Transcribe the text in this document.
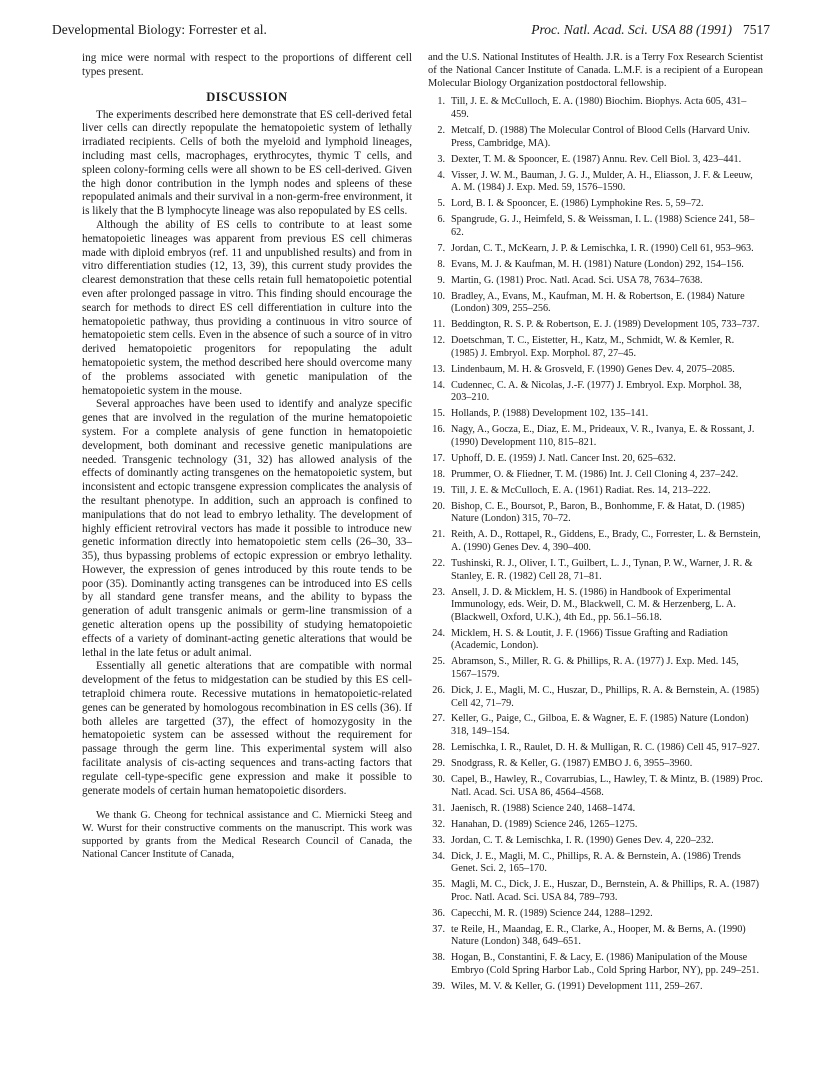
Developmental Biology: Forrester et al.	Proc. Natl. Acad. Sci. USA 88 (1991) 7517

ing mice were normal with respect to the proportions of different cell types present.

DISCUSSION

The experiments described here demonstrate that ES cell-derived fetal liver cells can directly repopulate the hematopoietic system of lethally irradiated recipients. Cells of both the myeloid and lymphoid lineages, including mast cells, macrophages, erythrocytes, thymic T cells, and spleen colony-forming cells were all shown to be ES cell-derived. Given the high donor contribution in the lymph nodes and spleens of these repopulated animals and their survival in a non-germ-free environment, it is likely that the B lymphocyte lineage was also repopulated by ES cells.

Although the ability of ES cells to contribute to at least some hematopoietic lineages was apparent from previous ES cell chimeras made with diploid embryos (ref. 11 and unpublished results) and from in vitro differentiation studies (12, 13, 39), this current study provides the clearest demonstration that these cells retain full hematopoietic potential even after prolonged passage in vitro. This finding should encourage the search for methods to direct ES cell differentiation in culture into the hematopoietic pathway, thus providing a continuous in vitro source of hematopoietic stem cells. Even in the absence of such a source of in vitro derived hematopoietic progenitors for repopulating the adult hematopoietic system, the method described here should overcome many of the problems associated with genetic manipulation of the hematopoietic system in the mouse.

Several approaches have been used to identify and analyze specific genes that are involved in the regulation of the murine hematopoietic system. For a complete analysis of gene function in hematopoietic development, both dominant and recessive genetic manipulations are needed. Transgenic technology (31, 32) has allowed analysis of the effects of dominantly acting transgenes on the hematopoietic system, but inconsistent and ectopic transgene expression complicates the analysis of the resultant phenotype. In addition, such an approach is confined to manipulations that do not lead to embryo lethality. The development of highly efficient retroviral vectors has made it possible to introduce new genetic information directly into hematopoietic stem cells (26–30, 33–35), thus bypassing problems of ectopic expression or embryo lethality. However, the expression of genes introduced by this route tends to be poor (35). Dominantly acting transgenes can be introduced into ES cells by all standard gene transfer means, and the ability to bypass the generation of adult transgenic animals or germ-line transmission of a genetic alteration opens up the possibility of studying hematopoietic effects of a variety of dominant-acting genetic alterations that would be lethal in the late fetus or adult animal.

Essentially all genetic alterations that are compatible with normal development of the fetus to midgestation can be studied by this ES cell-tetraploid chimera route. Recessive mutations in hematopoietic-related genes can be generated by homologous recombination in ES cells (36). If both alleles are targetted (37), the effect of homozygosity in the hematopoietic system can be assessed without the requirement for passage through the germ line. This experimental system will also facilitate analysis of cis-acting sequences and trans-acting factors that regulate cell-type-specific gene expression and make it possible to generate models of certain human hematopoietic disorders.

We thank G. Cheong for technical assistance and C. Miernicki Steeg and W. Wurst for their constructive comments on the manuscript. This work was supported by grants from the Medical Research Council of Canada, the National Cancer Institute of Canada,

and the U.S. National Institutes of Health. J.R. is a Terry Fox Research Scientist of the National Cancer Institute of Canada. L.M.F. is a recipient of a European Molecular Biology Organization postdoctoral fellowship.

1. Till, J. E. & McCulloch, E. A. (1980) Biochim. Biophys. Acta 605, 431–459.
2. Metcalf, D. (1988) The Molecular Control of Blood Cells (Harvard Univ. Press, Cambridge, MA).
3. Dexter, T. M. & Spooncer, E. (1987) Annu. Rev. Cell Biol. 3, 423–441.
4. Visser, J. W. M., Bauman, J. G. J., Mulder, A. H., Eliasson, J. F. & Leeuw, A. M. (1984) J. Exp. Med. 59, 1576–1590.
5. Lord, B. I. & Spooncer, E. (1986) Lymphokine Res. 5, 59–72.
6. Spangrude, G. J., Heimfeld, S. & Weissman, I. L. (1988) Science 241, 58–62.
7. Jordan, C. T., McKearn, J. P. & Lemischka, I. R. (1990) Cell 61, 953–963.
8. Evans, M. J. & Kaufman, M. H. (1981) Nature (London) 292, 154–156.
9. Martin, G. (1981) Proc. Natl. Acad. Sci. USA 78, 7634–7638.
10. Bradley, A., Evans, M., Kaufman, M. H. & Robertson, E. (1984) Nature (London) 309, 255–256.
11. Beddington, R. S. P. & Robertson, E. J. (1989) Development 105, 733–737.
12. Doetschman, T. C., Eistetter, H., Katz, M., Schmidt, W. & Kemler, R. (1985) J. Embryol. Exp. Morphol. 87, 27–45.
13. Lindenbaum, M. H. & Grosveld, F. (1990) Genes Dev. 4, 2075–2085.
14. Cudennec, C. A. & Nicolas, J.-F. (1977) J. Embryol. Exp. Morphol. 38, 203–210.
15. Hollands, P. (1988) Development 102, 135–141.
16. Nagy, A., Gocza, E., Diaz, E. M., Prideaux, V. R., Ivanya, E. & Rossant, J. (1990) Development 110, 815–821.
17. Uphoff, D. E. (1959) J. Natl. Cancer Inst. 20, 625–632.
18. Prummer, O. & Fliedner, T. M. (1986) Int. J. Cell Cloning 4, 237–242.
19. Till, J. E. & McCulloch, E. A. (1961) Radiat. Res. 14, 213–222.
20. Bishop, C. E., Boursot, P., Baron, B., Bonhomme, F. & Hatat, D. (1985) Nature (London) 315, 70–72.
21. Reith, A. D., Rottapel, R., Giddens, E., Brady, C., Forrester, L. & Bernstein, A. (1990) Genes Dev. 4, 390–400.
22. Tushinski, R. J., Oliver, I. T., Guilbert, L. J., Tynan, P. W., Warner, J. R. & Stanley, E. R. (1982) Cell 28, 71–81.
23. Ansell, J. D. & Micklem, H. S. (1986) in Handbook of Experimental Immunology, eds. Weir, D. M., Blackwell, C. M. & Herzenberg, L. A. (Blackwell, Oxford, U.K.), 4th Ed., pp. 56.1–56.18.
24. Micklem, H. S. & Loutit, J. F. (1966) Tissue Grafting and Radiation (Academic, London).
25. Abramson, S., Miller, R. G. & Phillips, R. A. (1977) J. Exp. Med. 145, 1567–1579.
26. Dick, J. E., Magli, M. C., Huszar, D., Phillips, R. A. & Bernstein, A. (1985) Cell 42, 71–79.
27. Keller, G., Paige, C., Gilboa, E. & Wagner, E. F. (1985) Nature (London) 318, 149–154.
28. Lemischka, I. R., Raulet, D. H. & Mulligan, R. C. (1986) Cell 45, 917–927.
29. Snodgrass, R. & Keller, G. (1987) EMBO J. 6, 3955–3960.
30. Capel, B., Hawley, R., Covarrubias, L., Hawley, T. & Mintz, B. (1989) Proc. Natl. Acad. Sci. USA 86, 4564–4568.
31. Jaenisch, R. (1988) Science 240, 1468–1474.
32. Hanahan, D. (1989) Science 246, 1265–1275.
33. Jordan, C. T. & Lemischka, I. R. (1990) Genes Dev. 4, 220–232.
34. Dick, J. E., Magli, M. C., Phillips, R. A. & Bernstein, A. (1986) Trends Genet. Sci. 2, 165–170.
35. Magli, M. C., Dick, J. E., Huszar, D., Bernstein, A. & Phillips, R. A. (1987) Proc. Natl. Acad. Sci. USA 84, 789–793.
36. Capecchi, M. R. (1989) Science 244, 1288–1292.
37. te Reile, H., Maandag, E. R., Clarke, A., Hooper, M. & Berns, A. (1990) Nature (London) 348, 649–651.
38. Hogan, B., Constantini, F. & Lacy, E. (1986) Manipulation of the Mouse Embryo (Cold Spring Harbor Lab., Cold Spring Harbor, NY), pp. 249–251.
39. Wiles, M. V. & Keller, G. (1991) Development 111, 259–267.
